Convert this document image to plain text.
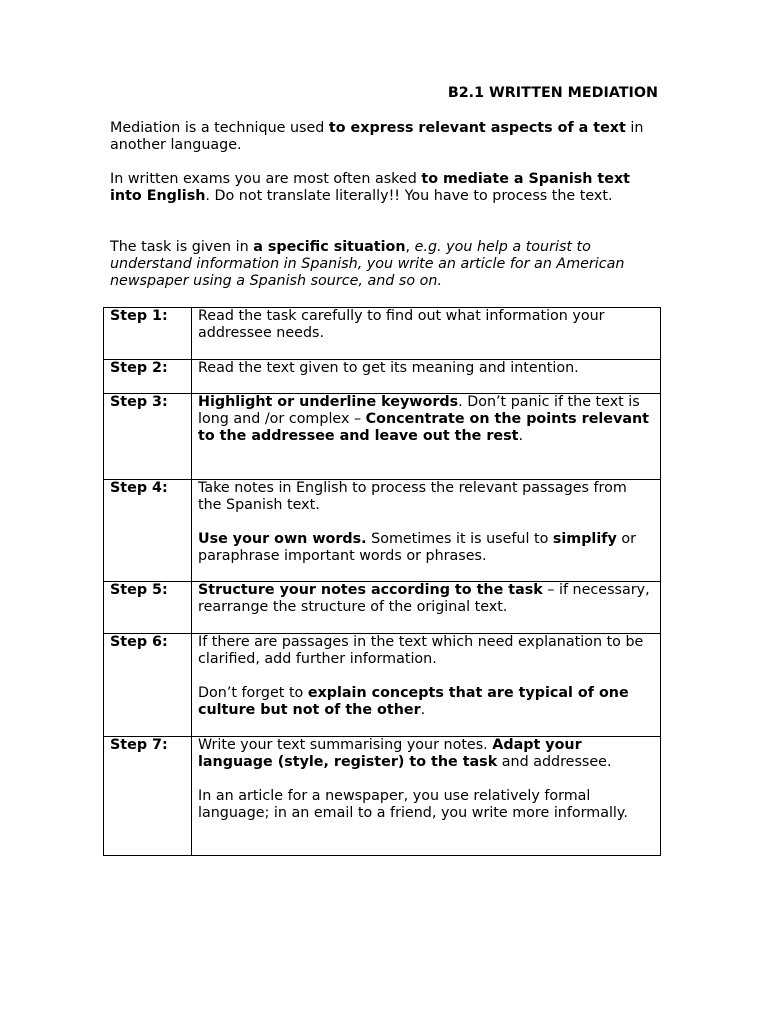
B2.1 WRITTEN MEDIATION

Mediation is a technique used to express relevant aspects of a text in another language.

In written exams you are most often asked to mediate a Spanish text into English. Do not translate literally!! You have to process the text.

The task is given in a specific situation, e.g. you help a tourist to understand information in Spanish, you write an article for an American newspaper using a Spanish source, and so on.

Step 1:	Read the task carefully to find out what information your addressee needs.

Step 2:	Read the text given to get its meaning and intention.

Step 3:	Highlight or underline keywords. Don’t panic if the text is long and /or complex – Concentrate on the points relevant to the addressee and leave out the rest.

Step 4:	Take notes in English to process the relevant passages from the Spanish text.

Use your own words. Sometimes it is useful to simplify or paraphrase important words or phrases.

Step 5:	Structure your notes according to the task – if necessary, rearrange the structure of the original text.

Step 6:	If there are passages in the text which need explanation to be clarified, add further information.

Don’t forget to explain concepts that are typical of one culture but not of the other.

Step 7:	Write your text summarising your notes. Adapt your language (style, register) to the task and addressee.

In an article for a newspaper, you use relatively formal language; in an email to a friend, you write more informally.
